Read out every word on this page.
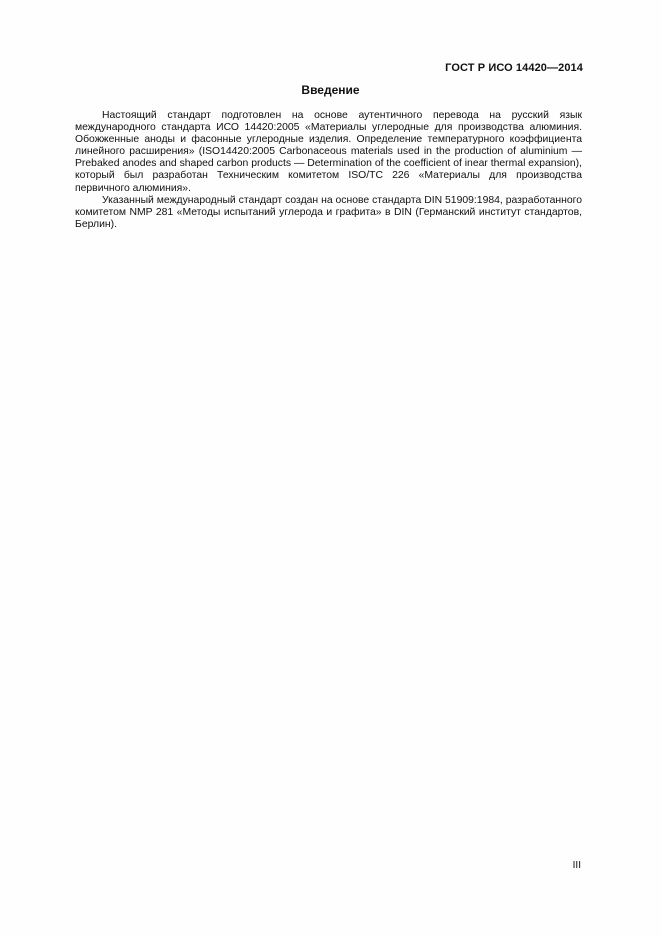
ГОСТ Р ИСО 14420—2014
Введение

Настоящий стандарт подготовлен на основе аутентичного перевода на русский язык международного стандарта ИСО 14420:2005 «Материалы углеродные для производства алюминия. Обожженные аноды и фасонные углеродные изделия. Определение температурного коэффициента линейного расширения» (ISO14420:2005 Carbonaceous materials used in the production of aluminium — Prebaked anodes and shaped carbon products — Determination of the coefficient of inear thermal expansion), который был разработан Техническим комитетом ISO/TC 226 «Материалы для производства первичного алюминия».

Указанный международный стандарт создан на основе стандарта DIN 51909:1984, разработанного комитетом NMP 281 «Методы испытаний углерода и графита» в DIN (Германский институт стандартов, Берлин).

III
